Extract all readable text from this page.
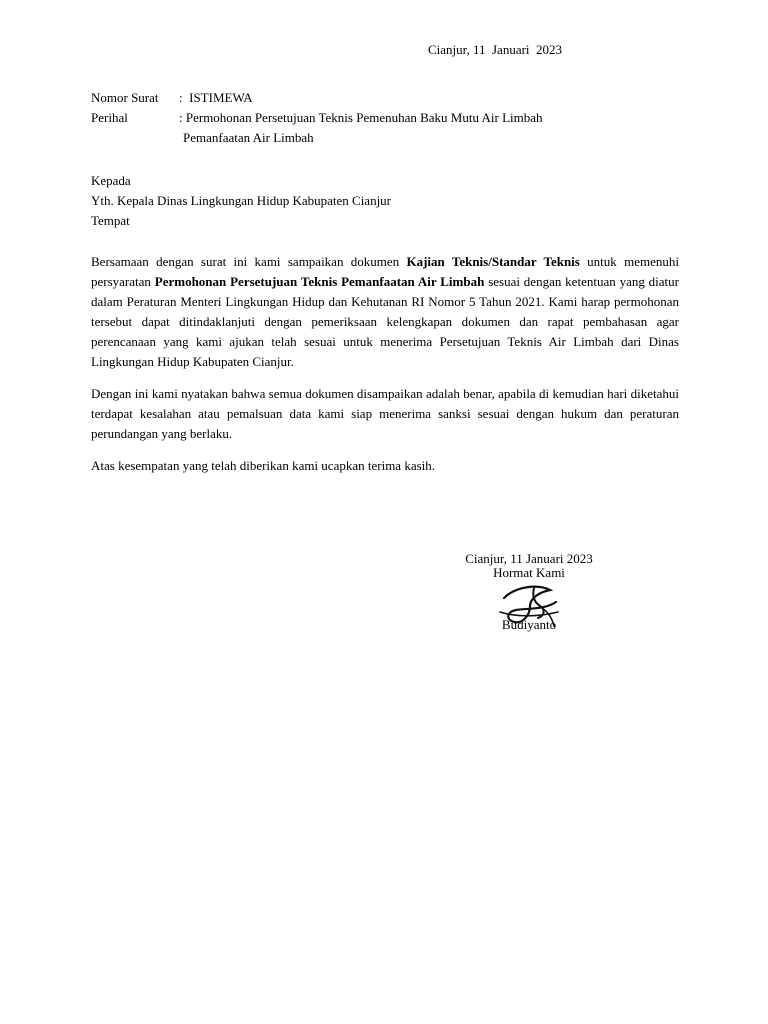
Cianjur, 11  Januari  2023
Nomor Surat :  ISTIMEWA
Perihal	: Permohonan Persetujuan Teknis Pemenuhan Baku Mutu Air Limbah
Pemanfaatan Air Limbah
Kepada
Yth. Kepala Dinas Lingkungan Hidup Kabupaten Cianjur
Tempat

Bersamaan dengan surat ini kami sampaikan dokumen Kajian Teknis/Standar Teknis untuk memenuhi persyaratan Permohonan Persetujuan Teknis Pemanfaatan Air Limbah sesuai dengan ketentuan yang diatur dalam Peraturan Menteri Lingkungan Hidup dan Kehutanan RI Nomor 5 Tahun 2021. Kami harap permohonan tersebut dapat ditindaklanjuti dengan pemeriksaan kelengkapan dokumen dan rapat pembahasan agar perencanaan yang kami ajukan telah sesuai untuk menerima Persetujuan Teknis Air Limbah dari Dinas Lingkungan Hidup Kabupaten Cianjur.

Dengan ini kami nyatakan bahwa semua dokumen disampaikan adalah benar, apabila di kemudian hari diketahui terdapat kesalahan atau pemalsuan data kami siap menerima sanksi sesuai dengan hukum dan peraturan perundangan yang berlaku.

Atas kesempatan yang telah diberikan kami ucapkan terima kasih.

Cianjur, 11 Januari 2023
Hormat Kami
Budiyanto
